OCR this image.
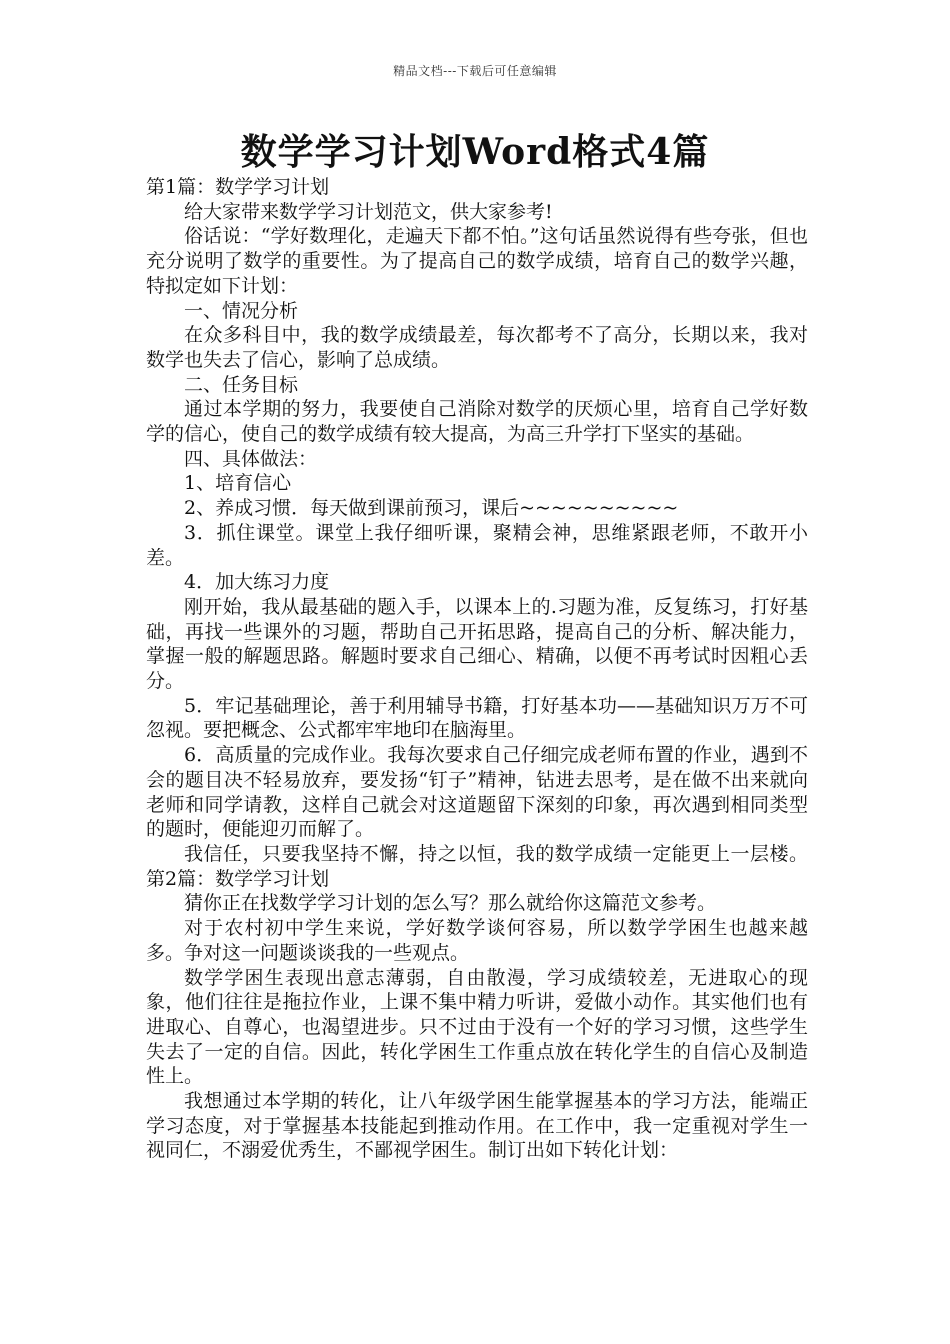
精品文档---下载后可任意编辑
数学学习计划Word格式4篇

第1篇：数学学习计划

给大家带来数学学习计划范文，供大家参考!

俗话说：“学好数理化，走遍天下都不怕。”这句话虽然说得有些夸张，但也充分说明了数学的重要性。为了提高自己的数学成绩，培育自己的数学兴趣，特拟定如下计划：

一、情况分析

在众多科目中，我的数学成绩最差，每次都考不了高分，长期以来，我对数学也失去了信心，影响了总成绩。

二、任务目标

通过本学期的努力，我要使自己消除对数学的厌烦心里，培育自己学好数学的信心，使自己的数学成绩有较大提高，为高三升学打下坚实的基础。

四、具体做法：

1、培育信心

2、养成习惯．每天做到课前预习，课后~~~~~~~~~~

3．抓住课堂。课堂上我仔细听课，聚精会神，思维紧跟老师，不敢开小差。

4．加大练习力度

刚开始，我从最基础的题入手，以课本上的.习题为准，反复练习，打好基础，再找一些课外的习题，帮助自己开拓思路，提高自己的分析、解决能力，掌握一般的解题思路。解题时要求自己细心、精确，以便不再考试时因粗心丢分。

5．牢记基础理论，善于利用辅导书籍，打好基本功——基础知识万万不可忽视。要把概念、公式都牢牢地印在脑海里。

6．高质量的完成作业。我每次要求自己仔细完成老师布置的作业，遇到不会的题目决不轻易放弃，要发扬“钉子”精神，钻进去思考，是在做不出来就向老师和同学请教，这样自己就会对这道题留下深刻的印象，再次遇到相同类型的题时，便能迎刃而解了。

我信任，只要我坚持不懈，持之以恒，我的数学成绩一定能更上一层楼。第2篇：数学学习计划

猜你正在找数学学习计划的怎么写？那么就给你这篇范文参考。

对于农村初中学生来说，学好数学谈何容易，所以数学学困生也越来越多。争对这一问题谈谈我的一些观点。

数学学困生表现出意志薄弱，自由散漫，学习成绩较差，无进取心的现象，他们往往是拖拉作业，上课不集中精力听讲，爱做小动作。其实他们也有进取心、自尊心，也渴望进步。只不过由于没有一个好的学习习惯，这些学生失去了一定的自信。因此，转化学困生工作重点放在转化学生的自信心及制造性上。

我想通过本学期的转化，让八年级学困生能掌握基本的学习方法，能端正学习态度，对于掌握基本技能起到推动作用。在工作中，我一定重视对学生一视同仁，不溺爱优秀生，不鄙视学困生。制订出如下转化计划：
